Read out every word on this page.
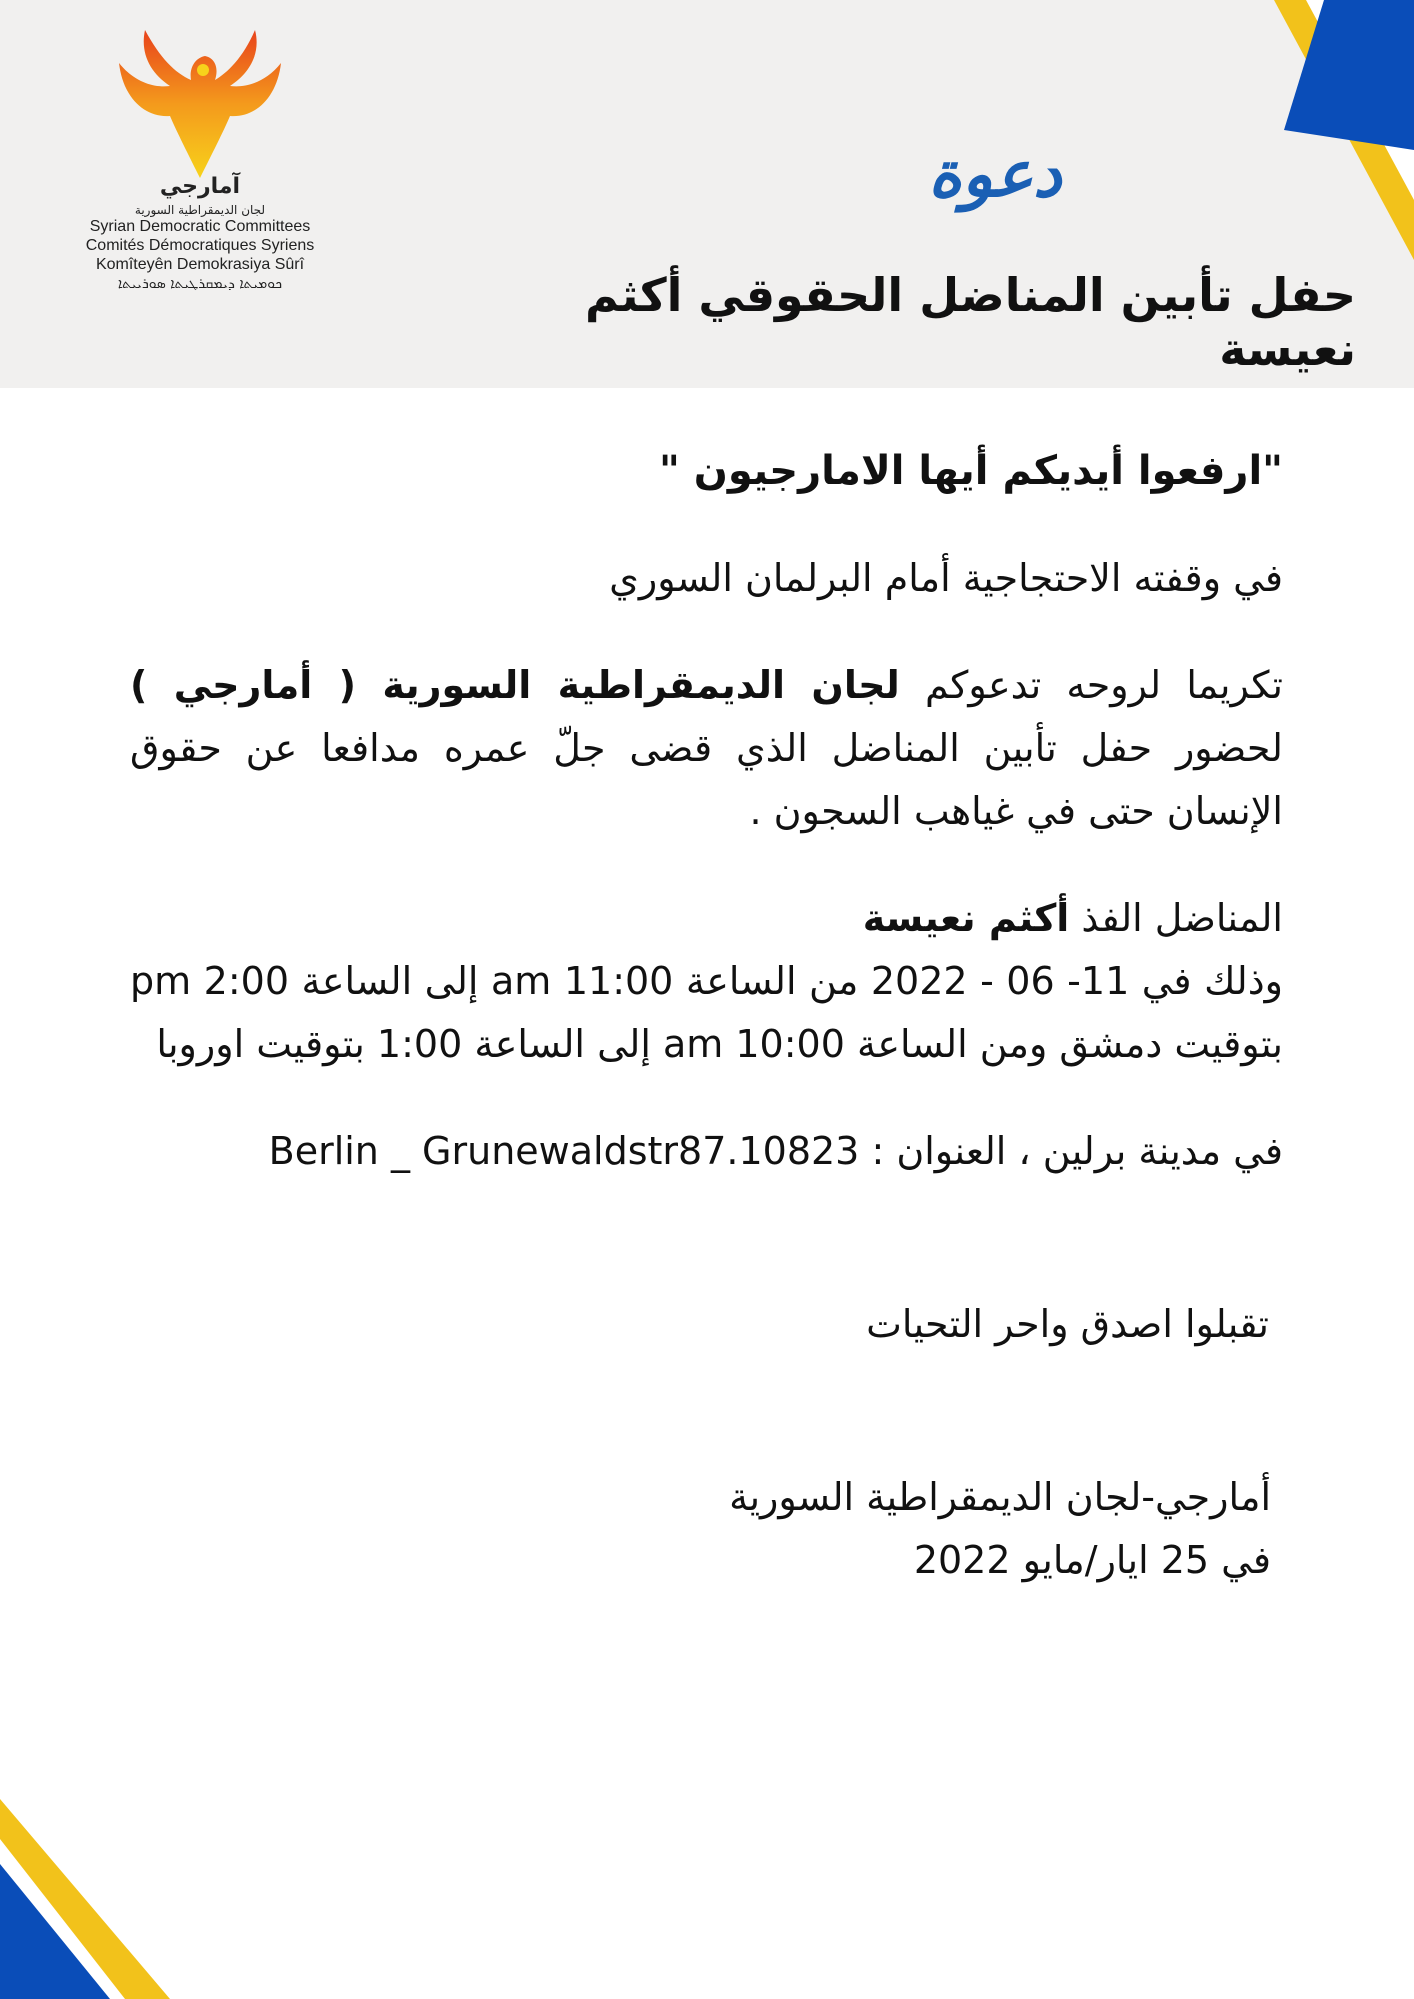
آمارجي
لجان الديمقراطية السورية
Syrian Democratic Committees
Comités Démocratiques Syriens
Komîteyên Demokrasiya Sûrî
ܟܘܡܝܬܐ ܕܝܡܩܪܛܝܬܐ ܣܘܪܝܝܬܐ
دعوة
حفل تأبين المناضل الحقوقي أكثم نعيسة

"ارفعوا أيديكم أيها الامارجيون "

في وقفته الاحتجاجية أمام البرلمان السوري

تكريما لروحه تدعوكم لجان الديمقراطية السورية ( أمارجي ) لحضور حفل تأبين المناضل الذي قضى جلّ عمره مدافعا عن حقوق الإنسان حتى في غياهب السجون .

المناضل الفذ أكثم نعيسة

وذلك في 11- 06 - 2022 من الساعة 11:00 am إلى الساعة 2:00 pm بتوقيت دمشق ومن الساعة 10:00 am إلى الساعة 1:00 بتوقيت اوروبا

في مدينة برلين ، العنوان : Berlin _ Grunewaldstr87.10823

تقبلوا اصدق واحر التحيات

أمارجي-لجان الديمقراطية السورية

في 25 ايار/مايو 2022
